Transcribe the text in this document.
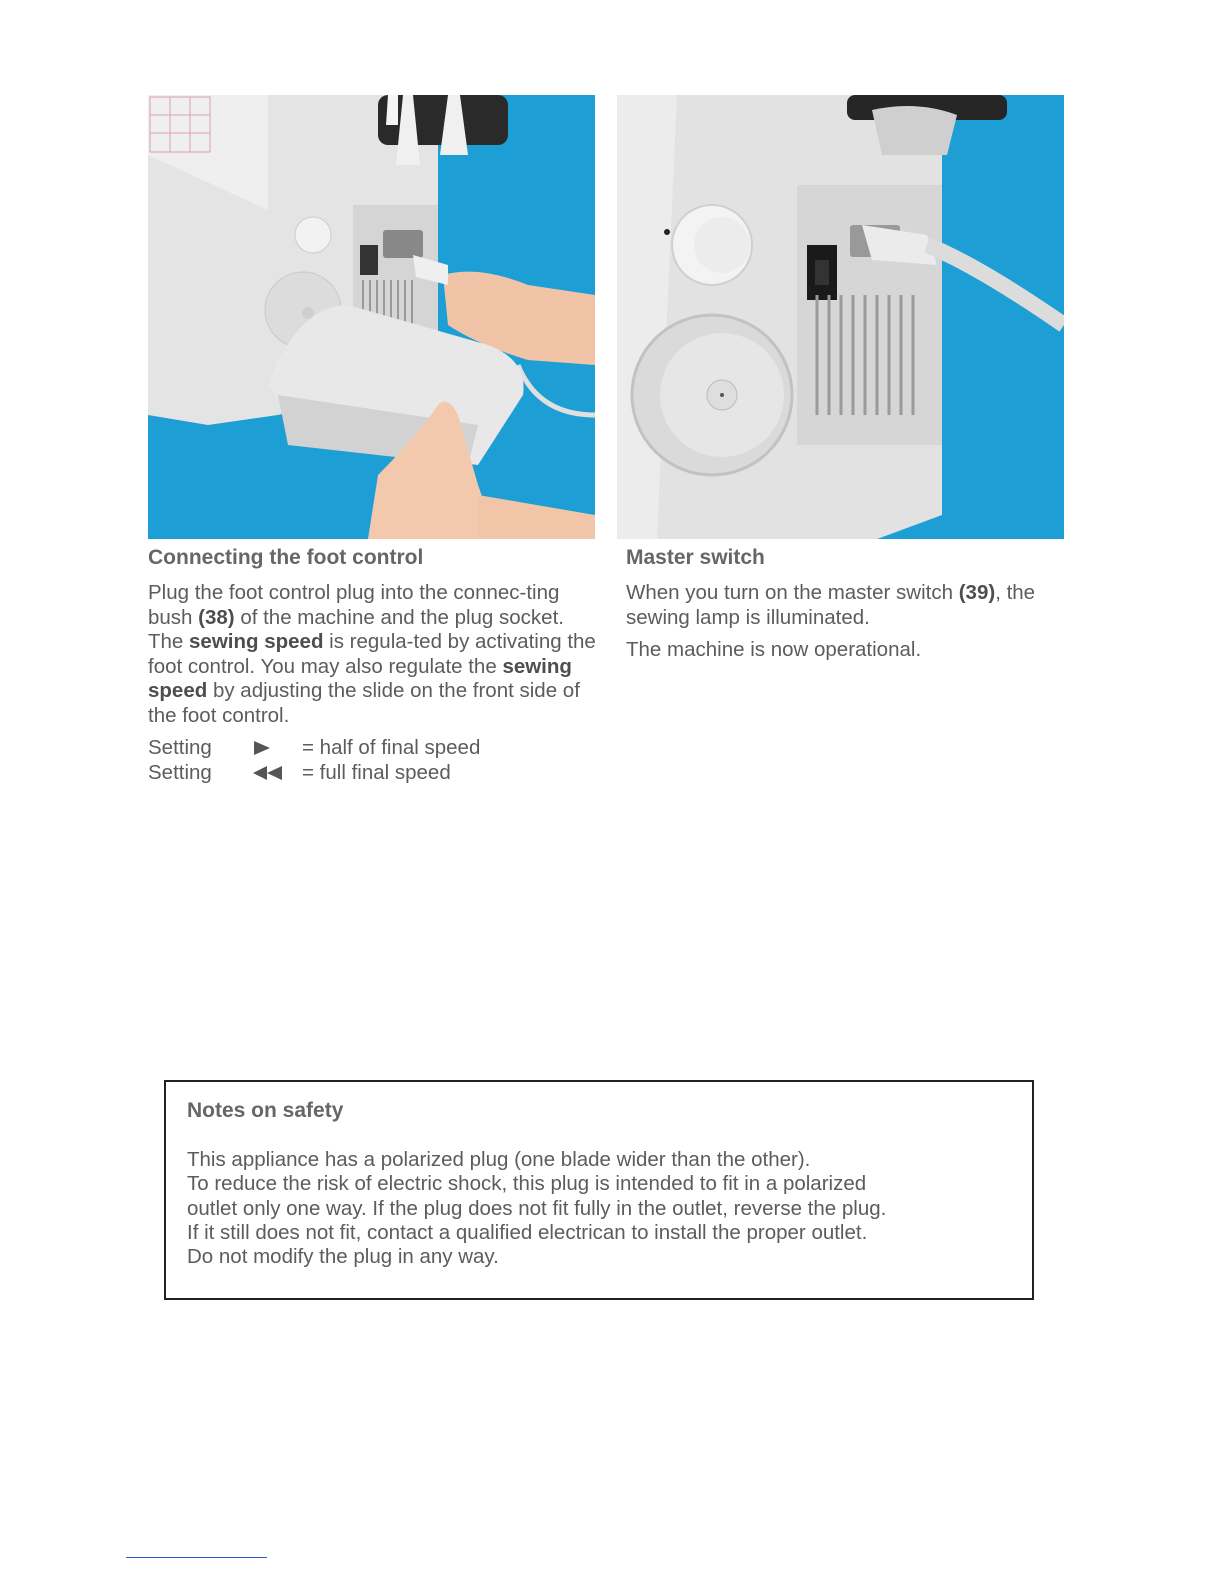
Connecting the foot control
Plug the foot control plug into the connec-ting bush (38) of the machine and the plug socket. The sewing speed is regula-ted by activating the foot control. You may also regulate the sewing speed by adjusting the slide on the front side of the foot control.
Setting	= half of final speed
Setting	= full final speed
Master switch
When you turn on the master switch (39), the sewing lamp is illuminated.
The machine is now operational.
Notes on safety
This appliance has a polarized plug (one blade wider than the other).
To reduce the risk of electric shock, this plug is intended to fit in a polarized
outlet only one way. If the plug does not fit fully in the outlet, reverse the plug.
If it still does not fit, contact a qualified electrican to install the proper outlet.
Do not modify the plug in any way.
